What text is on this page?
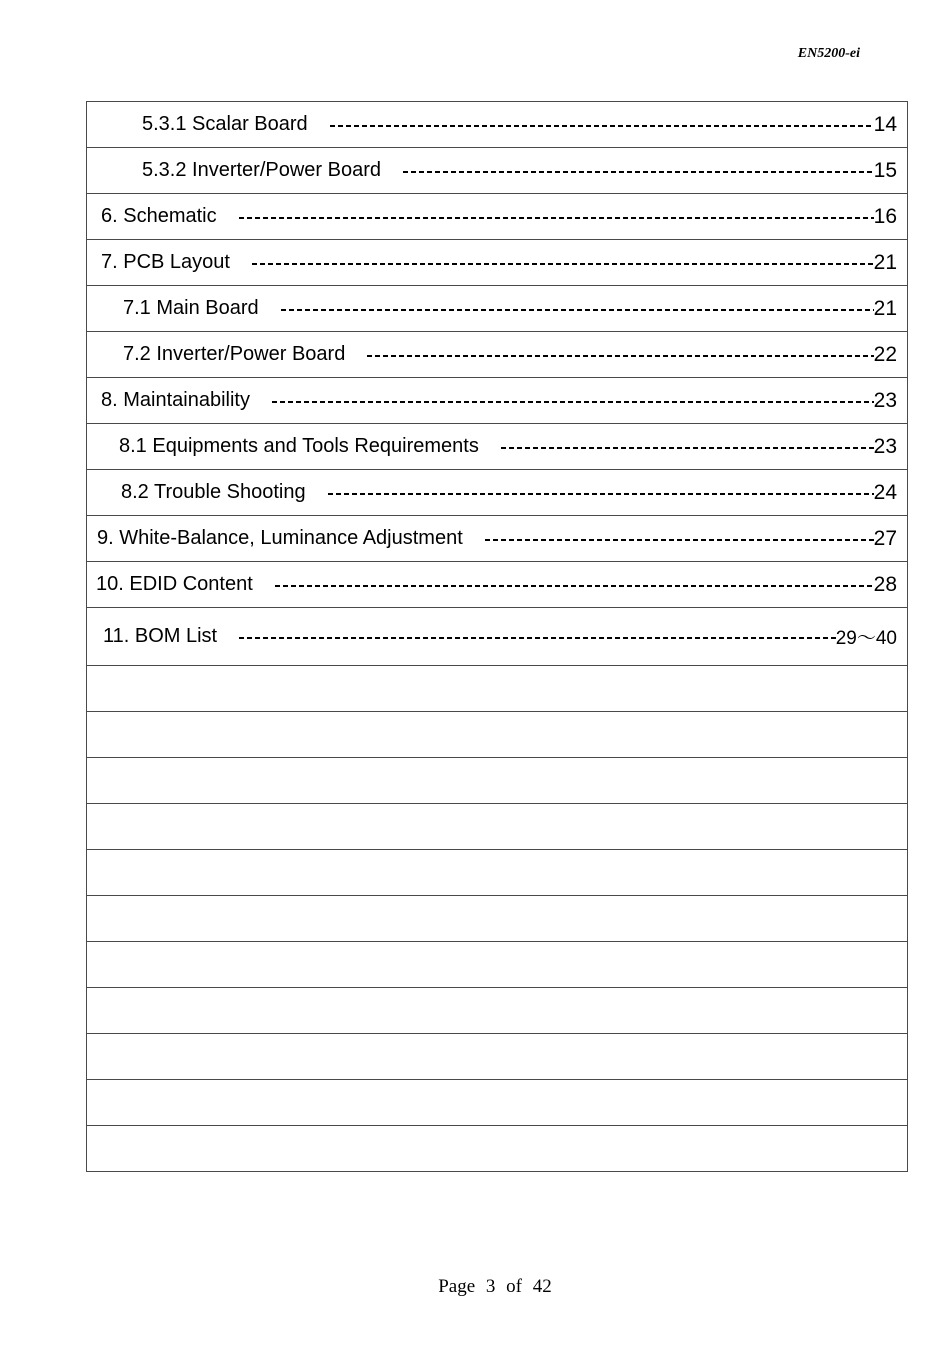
EN5200-ei
5.3.1 Scalar Board	14
5.3.2 Inverter/Power Board	15
6. Schematic	16
7. PCB Layout	21
7.1 Main Board	21
7.2 Inverter/Power Board	22
8. Maintainability	23
8.1 Equipments and Tools Requirements	23
8.2 Trouble Shooting	24
9. White-Balance, Luminance Adjustment	27
10. EDID Content	28
11. BOM List	29～40
Page 3 of 42
